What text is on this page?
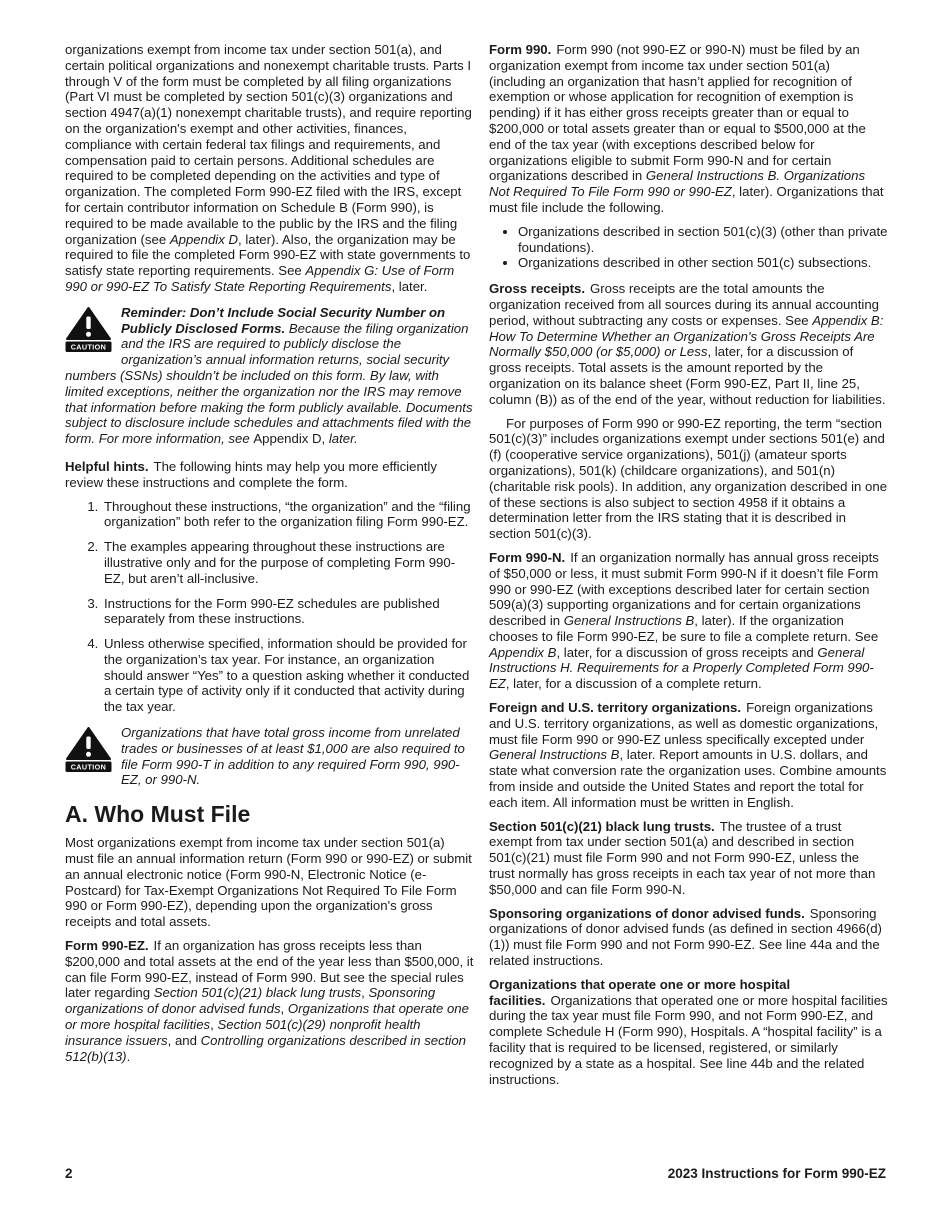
organizations exempt from income tax under section 501(a), and certain political organizations and nonexempt charitable trusts. Parts I through V of the form must be completed by all filing organizations (Part VI must be completed by section 501(c)(3) organizations and section 4947(a)(1) nonexempt charitable trusts), and require reporting on the organization's exempt and other activities, finances, compliance with certain federal tax filings and requirements, and compensation paid to certain persons. Additional schedules are required to be completed depending on the activities and type of organization. The completed Form 990-EZ filed with the IRS, except for certain contributor information on Schedule B (Form 990), is required to be made available to the public by the IRS and the filing organization (see Appendix D, later). Also, the organization may be required to file the completed Form 990-EZ with state governments to satisfy state reporting requirements. See Appendix G: Use of Form 990 or 990-EZ To Satisfy State Reporting Requirements, later.

CAUTION
Reminder: Don’t Include Social Security Number on Publicly Disclosed Forms. Because the filing organization and the IRS are required to publicly disclose the organization’s annual information returns, social security numbers (SSNs) shouldn’t be included on this form. By law, with limited exceptions, neither the organization nor the IRS may remove that information before making the form publicly available. Documents subject to disclosure include schedules and attachments filed with the form. For more information, see Appendix D, later.

Helpful hints. The following hints may help you more efficiently review these instructions and complete the form.

1. Throughout these instructions, “the organization” and the “filing organization” both refer to the organization filing Form 990-EZ.
2. The examples appearing throughout these instructions are illustrative only and for the purpose of completing Form 990-EZ, but aren’t all-inclusive.
3. Instructions for the Form 990-EZ schedules are published separately from these instructions.
4. Unless otherwise specified, information should be provided for the organization’s tax year. For instance, an organization should answer “Yes” to a question asking whether it conducted a certain type of activity only if it conducted that activity during the tax year.
CAUTION
Organizations that have total gross income from unrelated trades or businesses of at least $1,000 are also required to file Form 990-T in addition to any required Form 990, 990-EZ, or 990-N.
A. Who Must File

Most organizations exempt from income tax under section 501(a) must file an annual information return (Form 990 or 990-EZ) or submit an annual electronic notice (Form 990-N, Electronic Notice (e-Postcard) for Tax-Exempt Organizations Not Required To File Form 990 or Form 990-EZ), depending upon the organization's gross receipts and total assets.

Form 990-EZ. If an organization has gross receipts less than $200,000 and total assets at the end of the year less than $500,000, it can file Form 990-EZ, instead of Form 990. But see the special rules later regarding Section 501(c)(21) black lung trusts, Sponsoring organizations of donor advised funds, Organizations that operate one or more hospital facilities, Section 501(c)(29) nonprofit health insurance issuers, and Controlling organizations described in section 512(b)(13).

Form 990. Form 990 (not 990-EZ or 990-N) must be filed by an organization exempt from income tax under section 501(a) (including an organization that hasn’t applied for recognition of exemption or whose application for recognition of exemption is pending) if it has either gross receipts greater than or equal to $200,000 or total assets greater than or equal to $500,000 at the end of the tax year (with exceptions described below for organizations eligible to submit Form 990-N and for certain organizations described in General Instructions B. Organizations Not Required To File Form 990 or 990-EZ, later). Organizations that must file include the following.

• Organizations described in section 501(c)(3) (other than private foundations).
• Organizations described in other section 501(c) subsections.

Gross receipts. Gross receipts are the total amounts the organization received from all sources during its annual accounting period, without subtracting any costs or expenses. See Appendix B: How To Determine Whether an Organization's Gross Receipts Are Normally $50,000 (or $5,000) or Less, later, for a discussion of gross receipts. Total assets is the amount reported by the organization on its balance sheet (Form 990-EZ, Part II, line 25, column (B)) as of the end of the year, without reduction for liabilities.

For purposes of Form 990 or 990-EZ reporting, the term “section 501(c)(3)” includes organizations exempt under sections 501(e) and (f) (cooperative service organizations), 501(j) (amateur sports organizations), 501(k) (childcare organizations), and 501(n) (charitable risk pools). In addition, any organization described in one of these sections is also subject to section 4958 if it obtains a determination letter from the IRS stating that it is described in section 501(c)(3).

Form 990-N. If an organization normally has annual gross receipts of $50,000 or less, it must submit Form 990-N if it doesn’t file Form 990 or 990-EZ (with exceptions described later for certain section 509(a)(3) supporting organizations and for certain organizations described in General Instructions B, later). If the organization chooses to file Form 990-EZ, be sure to file a complete return. See Appendix B, later, for a discussion of gross receipts and General Instructions H. Requirements for a Properly Completed Form 990-EZ, later, for a discussion of a complete return.

Foreign and U.S. territory organizations. Foreign organizations and U.S. territory organizations, as well as domestic organizations, must file Form 990 or 990-EZ unless specifically excepted under General Instructions B, later. Report amounts in U.S. dollars, and state what conversion rate the organization uses. Combine amounts from inside and outside the United States and report the total for each item. All information must be written in English.

Section 501(c)(21) black lung trusts. The trustee of a trust exempt from tax under section 501(a) and described in section 501(c)(21) must file Form 990 and not Form 990-EZ, unless the trust normally has gross receipts in each tax year of not more than $50,000 and can file Form 990-N.

Sponsoring organizations of donor advised funds. Sponsoring organizations of donor advised funds (as defined in section 4966(d)(1)) must file Form 990 and not Form 990-EZ. See line 44a and the related instructions.

Organizations that operate one or more hospital facilities. Organizations that operated one or more hospital facilities during the tax year must file Form 990, and not Form 990-EZ, and complete Schedule H (Form 990), Hospitals. A “hospital facility” is a facility that is required to be licensed, registered, or similarly recognized by a state as a hospital. See line 44b and the related instructions.

2	2023 Instructions for Form 990-EZ
